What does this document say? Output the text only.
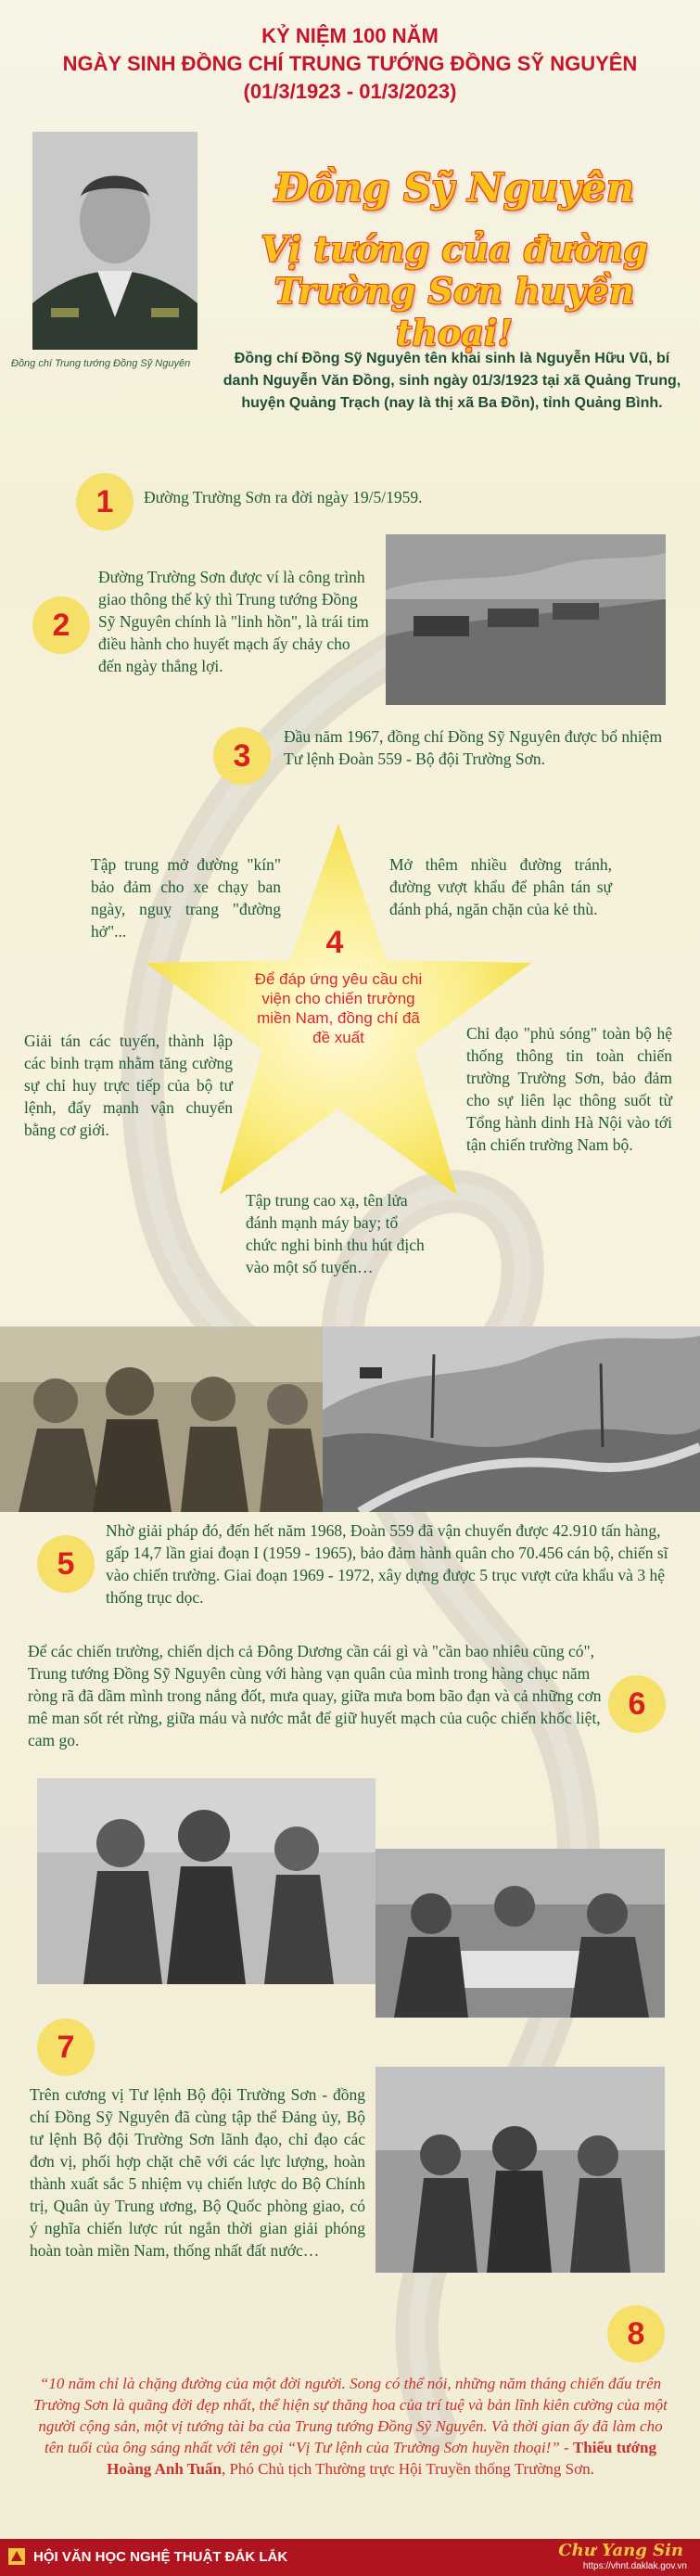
KỶ NIỆM 100 NĂM
NGÀY SINH ĐỒNG CHÍ TRUNG TƯỚNG ĐỒNG SỸ NGUYÊN
(01/3/1923 - 01/3/2023)
Đồng chí Trung tướng Đồng Sỹ Nguyên
Đồng Sỹ Nguyên
Vị tướng của đường Trường Sơn huyền thoại!
Đồng chí Đồng Sỹ Nguyên tên khai sinh là Nguyễn Hữu Vũ, bí danh Nguyễn Văn Đồng, sinh ngày 01/3/1923 tại xã Quảng Trung, huyện Quảng Trạch (nay là thị xã Ba Đồn), tỉnh Quảng Bình.
1	Đường Trường Sơn ra đời ngày 19/5/1959.
2
Đường Trường Sơn được ví là công trình giao thông thế kỷ thì Trung tướng Đồng Sỹ Nguyên chính là "linh hồn", là trái tim điều hành cho huyết mạch ấy chảy cho đến ngày thắng lợi.
3
Đầu năm 1967, đồng chí Đồng Sỹ Nguyên được bổ nhiệm Tư lệnh Đoàn 559 - Bộ đội Trường Sơn.
4
Để đáp ứng yêu cầu chi viện cho chiến trường miền Nam, đồng chí đã đề xuất
Tập trung mở đường "kín" bảo đảm cho xe chạy ban ngày, nguỵ trang "đường hở"...
Mở thêm nhiều đường tránh, đường vượt khẩu để phân tán sự đánh phá, ngăn chặn của kẻ thù.
Giải tán các tuyến, thành lập các binh trạm nhằm tăng cường sự chỉ huy trực tiếp của bộ tư lệnh, đẩy mạnh vận chuyển bằng cơ giới.
Chỉ đạo "phủ sóng" toàn bộ hệ thống thông tin toàn chiến trường Trường Sơn, bảo đảm cho sự liên lạc thông suốt từ Tổng hành dinh Hà Nội vào tới tận chiến trường Nam bộ.
Tập trung cao xạ, tên lửa đánh mạnh máy bay; tổ chức nghi binh thu hút địch vào một số tuyến…
5
Nhờ giải pháp đó, đến hết năm 1968, Đoàn 559 đã vận chuyển được 42.910 tấn hàng, gấp 14,7 lần giai đoạn I (1959 - 1965), bảo đảm hành quân cho 70.456 cán bộ, chiến sĩ vào chiến trường. Giai đoạn 1969 - 1972, xây dựng được 5 trục vượt cửa khẩu và 3 hệ thống trục dọc.
Để các chiến trường, chiến dịch cả Đông Dương cần cái gì và "cần bao nhiêu cũng có", Trung tướng Đồng Sỹ Nguyên cùng với hàng vạn quân của mình trong hàng chục năm ròng rã đã dầm mình trong nắng đốt, mưa quay, giữa mưa bom bão đạn và cả những cơn mê man sốt rét rừng, giữa máu và nước mắt để giữ huyết mạch của cuộc chiến khốc liệt, cam go.
6
7
Trên cương vị Tư lệnh Bộ đội Trường Sơn - đồng chí Đồng Sỹ Nguyên đã cùng tập thể Đảng ủy, Bộ tư lệnh Bộ đội Trường Sơn lãnh đạo, chỉ đạo các đơn vị, phối hợp chặt chẽ với các lực lượng, hoàn thành xuất sắc 5 nhiệm vụ chiến lược do Bộ Chính trị, Quân ủy Trung ương, Bộ Quốc phòng giao, có ý nghĩa chiến lược rút ngắn thời gian giải phóng hoàn toàn miền Nam, thống nhất đất nước…
8
“10 năm chỉ là chặng đường của một đời người. Song có thể nói, những năm tháng chiến đấu trên Trường Sơn là quãng đời đẹp nhất, thể hiện sự thăng hoa của trí tuệ và bản lĩnh kiên cường của một người cộng sản, một vị tướng tài ba của Trung tướng Đồng Sỹ Nguyên. Và thời gian ấy đã làm cho tên tuổi của ông sáng nhất với tên gọi “Vị Tư lệnh của Trường Sơn huyền thoại!” - Thiếu tướng Hoàng Anh Tuấn, Phó Chủ tịch Thường trực Hội Truyền thống Trường Sơn.
HỘI VĂN HỌC NGHỆ THUẬT ĐẮK LẮK	Chư Yang Sin
https://vhnt.daklak.gov.vn
